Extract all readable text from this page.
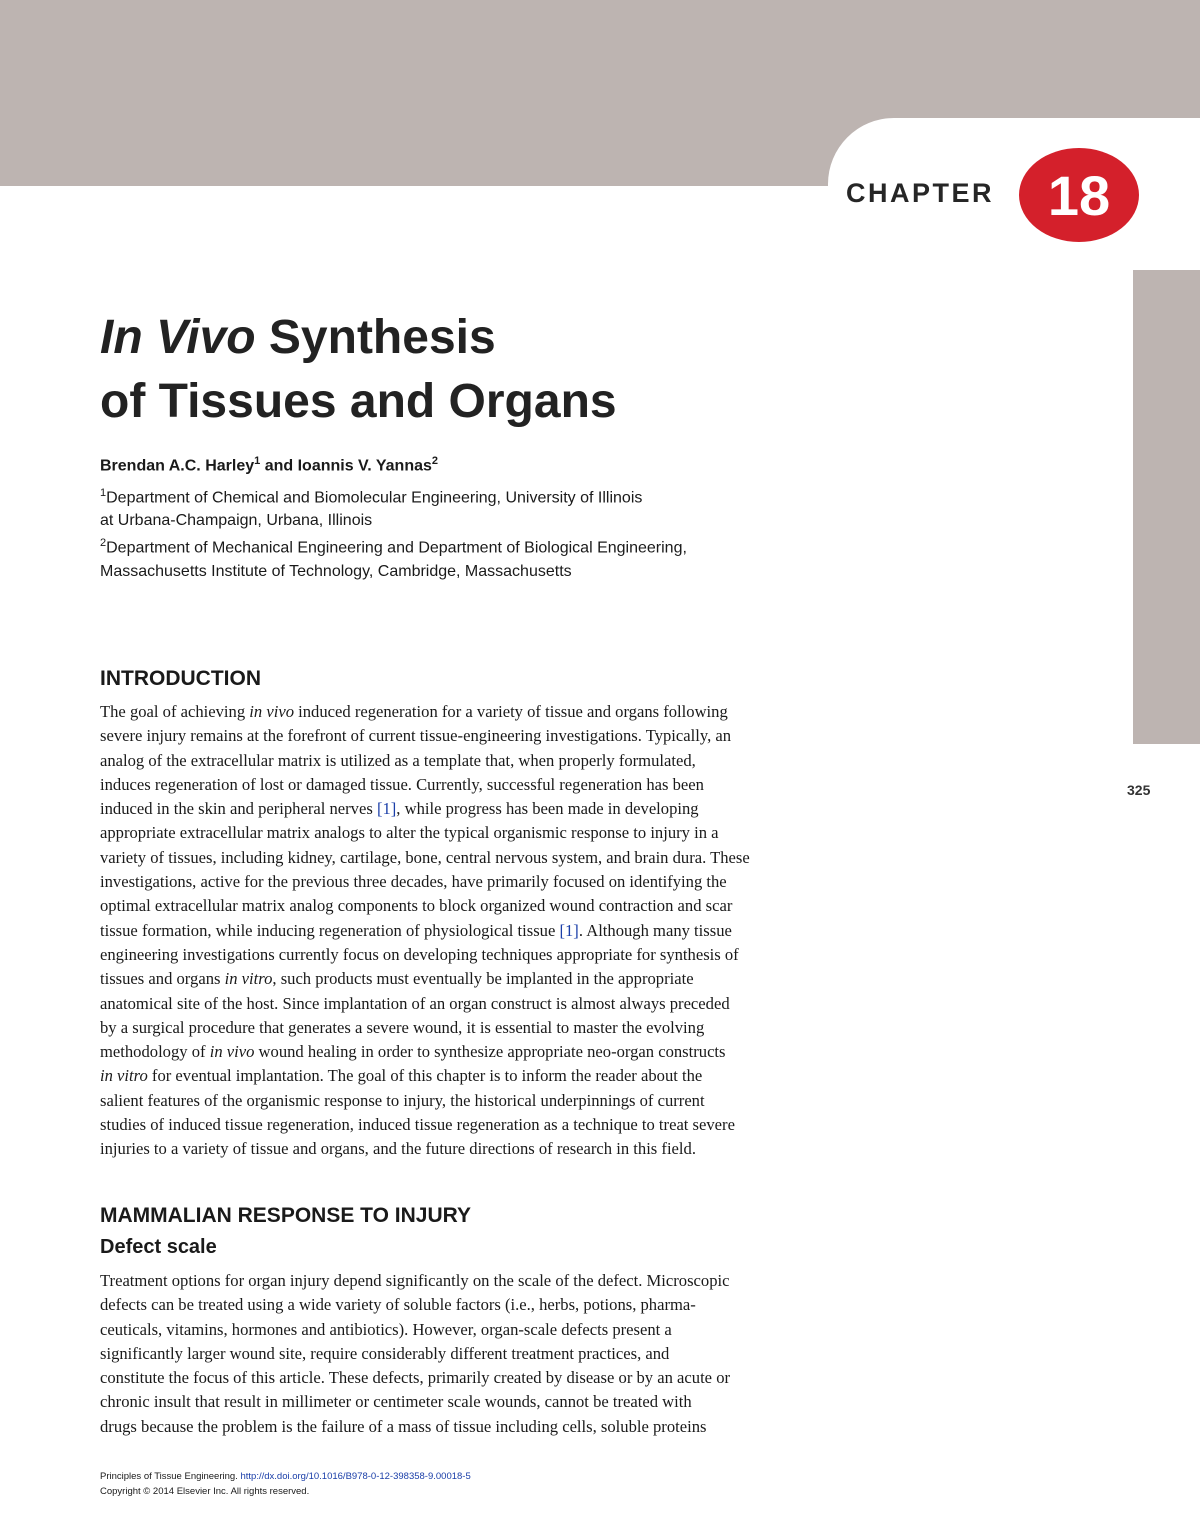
CHAPTER 18
In Vivo Synthesis
of Tissues and Organs
Brendan A.C. Harley$^1$ and Ioannis V. Yannas$^2$

$^1$Department of Chemical and Biomolecular Engineering, University of Illinois
at Urbana-Champaign, Urbana, Illinois

$^2$Department of Mechanical Engineering and Department of Biological Engineering,
Massachusetts Institute of Technology, Cambridge, Massachusetts

INTRODUCTION
The goal of achieving in vivo induced regeneration for a variety of tissue and organs following
severe injury remains at the forefront of current tissue-engineering investigations. Typically, an
analog of the extracellular matrix is utilized as a template that, when properly formulated,
induces regeneration of lost or damaged tissue. Currently, successful regeneration has been
induced in the skin and peripheral nerves [1], while progress has been made in developing
appropriate extracellular matrix analogs to alter the typical organismic response to injury in a
variety of tissues, including kidney, cartilage, bone, central nervous system, and brain dura. These
investigations, active for the previous three decades, have primarily focused on identifying the
optimal extracellular matrix analog components to block organized wound contraction and scar
tissue formation, while inducing regeneration of physiological tissue [1]. Although many tissue
engineering investigations currently focus on developing techniques appropriate for synthesis of
tissues and organs in vitro, such products must eventually be implanted in the appropriate
anatomical site of the host. Since implantation of an organ construct is almost always preceded
by a surgical procedure that generates a severe wound, it is essential to master the evolving
methodology of in vivo wound healing in order to synthesize appropriate neo-organ constructs
in vitro for eventual implantation. The goal of this chapter is to inform the reader about the
salient features of the organismic response to injury, the historical underpinnings of current
studies of induced tissue regeneration, induced tissue regeneration as a technique to treat severe
injuries to a variety of tissue and organs, and the future directions of research in this field.
MAMMALIAN RESPONSE TO INJURY
Defect scale
Treatment options for organ injury depend significantly on the scale of the defect. Microscopic
defects can be treated using a wide variety of soluble factors (i.e., herbs, potions, pharma-
ceuticals, vitamins, hormones and antibiotics). However, organ-scale defects present a
significantly larger wound site, require considerably different treatment practices, and
constitute the focus of this article. These defects, primarily created by disease or by an acute or
chronic insult that result in millimeter or centimeter scale wounds, cannot be treated with
drugs because the problem is the failure of a mass of tissue including cells, soluble proteins
325
Principles of Tissue Engineering. http://dx.doi.org/10.1016/B978-0-12-398358-9.00018-5
Copyright © 2014 Elsevier Inc. All rights reserved.
